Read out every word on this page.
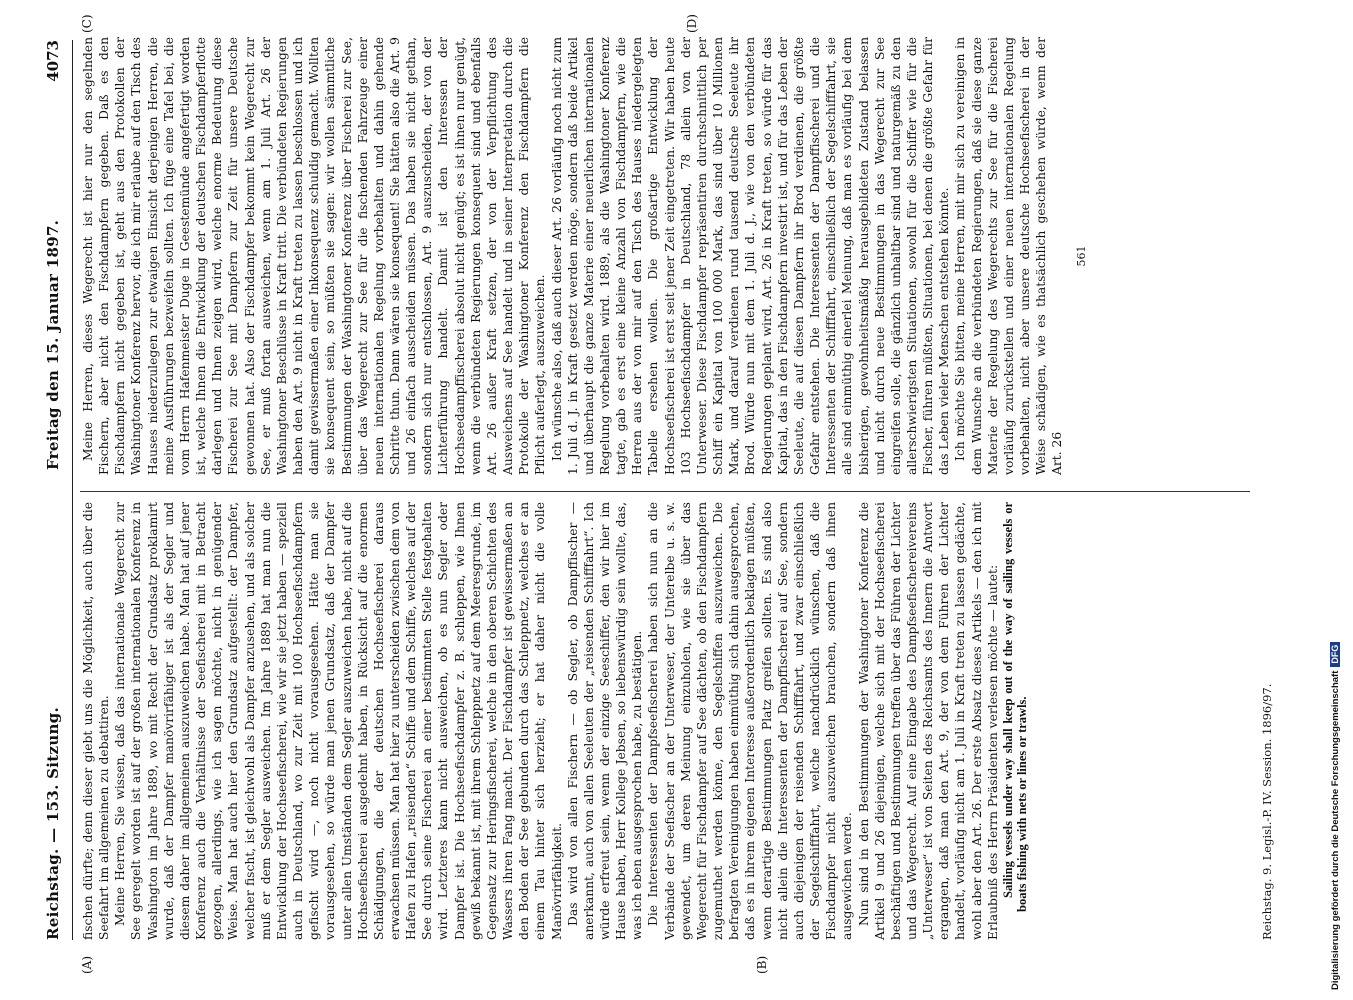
Reichstag. — 153. Sitzung.
Freitag den 15. Januar 1897.
4073
(A)	(B)
(C)	(D)

fischen dürfte; denn dieser giebt uns die Möglichkeit, auch über die Seefahrt im allgemeinen zu debattiren. Meine Herren, Sie wissen, daß das internationale Wegerecht zur See geregelt worden ist auf der großen internationalen Konferenz in Washington im Jahre 1889, wo mit Recht der Grundsatz proklamirt wurde, daß der Dampfer manövrirfähiger ist als der Segler und diesem daher im allgemeinen auszuweichen habe. Man hat auf jener Konferenz auch die Verhältnisse der Seefischerei mit in Betracht gezogen, allerdings, wie ich sagen möchte, nicht in genügender Weise. Man hat auch hier den Grundsatz aufgestellt: der Dampfer, welcher fischt, ist gleichwohl als Dampfer anzusehen, und als solcher muß er dem Segler ausweichen. Im Jahre 1889 hat man nun die Entwicklung der Hochseefischerei, wie wir sie jetzt haben — speziell auch in Deutschland, wo zur Zeit mit 100 Hochseefischdampfern gefischt wird —, noch nicht vorausgesehen. Hätte man sie vorausgesehen, so würde man jenen Grundsatz, daß der Dampfer unter allen Umständen dem Segler auszuweichen habe, nicht auf die Hochseefischerei ausgedehnt haben, in Rücksicht auf die enormen Schädigungen, die der deutschen Hochseefischerei daraus erwachsen müssen. Man hat hier zu unterscheiden zwischen dem von Hafen zu Hafen „reisenden“ Schiffe und dem Schiffe, welches auf der See durch seine Fischerei an einer bestimmten Stelle festgehalten wird. Letzteres kann nicht ausweichen, ob es nun Segler oder Dampfer ist. Die Hochseefischdampfer z. B. schleppen, wie Ihnen gewiß bekannt ist, mit ihrem Schleppnetz auf dem Meeresgrunde, im Gegensatz zur Heringsfischerei, welche in den oberen Schichten des Wassers ihren Fang macht. Der Fischdampfer ist gewissermaßen an den Boden der See gebunden durch das Schleppnetz, welches er an einem Tau hinter sich herzieht; er hat daher nicht die volle Manövrirfähigkeit. Das wird von allen Fischern — ob Segler, ob Dampffischer — anerkannt, auch von allen Seeleuten der „reisenden Schifffahrt“. Ich würde erfreut sein, wenn der einzige Seeschiffer, den wir hier im Hause haben, Herr Kollege Jebsen, so liebenswürdig sein wollte, das, was ich eben ausgesprochen habe, zu bestätigen. Die Interessenten der Dampfseefischerei haben sich nun an die Verbände der Seefischer an der Unterweser, der Unterelbe u. s. w. gewendet, um deren Meinung einzuholen, wie sie über das Wegerecht für Fischdampfer auf See dächten, ob den Fischdampfern zugemuthet werden könne, den Segelschiffen auszuweichen. Die befragten Vereinigungen haben einmüthig sich dahin ausgesprochen, daß es in ihrem eigenen Interesse außerordentlich beklagen müßten, wenn derartige Bestimmungen Platz greifen sollten. Es sind also nicht allein die Interessenten der Dampffischerei auf See, sondern auch diejenigen der reisenden Schifffahrt, und zwar einschließlich der Segelschifffahrt, welche nachdrücklich wünschen, daß die Fischdampfer nicht auszuweichen brauchen, sondern daß ihnen ausgewichen werde. Nun sind in den Bestimmungen der Washingtoner Konferenz die Artikel 9 und 26 diejenigen, welche sich mit der Hochseefischerei beschäftigen und Bestimmungen treffen über das Führen der Lichter und das Wegerecht. Auf eine Eingabe des Dampfseefischereivereins „Unterweser“ ist von Seiten des Reichsamts des Innern die Antwort ergangen, daß man den Art. 9, der von dem Führen der Lichter handelt, vorläufig nicht am 1. Juli in Kraft treten zu lassen gedächte, wohl aber den Art. 26. Der erste Absatz dieses Artikels — den ich mit Erlaubniß des Herrn Präsidenten verlesen möchte — lautet: Sailing vessels under way shall keep out of the way of sailing vessels or boats fishing with nets or lines or trawls.

Meine Herren, dieses Wegerecht ist hier nur den segelnden Fischern, aber nicht den Fischdampfern gegeben. Daß es den Fischdampfern nicht gegeben ist, geht aus den Protokollen der Washingtoner Konferenz hervor, die ich mir erlaube auf den Tisch des Hauses niederzulegen zur etwaigen Einsicht derjenigen Herren, die meine Ausführungen bezweifeln sollten. Ich füge eine Tafel bei, die vom Herrn Hafenmeister Duge in Geestemünde angefertigt worden ist, welche Ihnen die Entwicklung der deutschen Fischdampferflotte darlegen und Ihnen zeigen wird, welche enorme Bedeutung diese Fischerei zur See mit Dampfern zur Zeit für unsere Deutsche gewonnen hat. Also der Fischdampfer bekommt kein Wegerecht zur See, er muß fortan ausweichen, wenn am 1. Juli Art. 26 der Washingtoner Beschlüsse in Kraft tritt. Die verbündeten Regierungen haben den Art. 9 nicht in Kraft treten zu lassen beschlossen und ich damit gewissermaßen einer Inkonsequenz schuldig gemacht. Wollten sie konsequent sein, so müßten sie sagen: wir wollen sämmtliche Bestimmungen der Washingtoner Konferenz über Fischerei zur See, über das Wegerecht zur See für die fischenden Fahrzeuge einer neuen internationalen Regelung vorbehalten und dahin gehende Schritte thun. Dann wären sie konsequent! Sie hätten also die Art. 9 und 26 einfach ausscheiden müssen. Das haben sie nicht gethan, sondern sich nur entschlossen, Art. 9 auszuscheiden, der von der Lichterführung handelt. Damit ist den Interessen der Hochseedampffischerei absolut nicht genügt; es ist ihnen nur genügt, wenn die verbündeten Regierungen konsequent sind und ebenfalls Art. 26 außer Kraft setzen, der von der Verpflichtung des Ausweichens auf See handelt und in seiner Interpretation durch die Protokolle der Washingtoner Konferenz den Fischdampfern die Pflicht auferlegt, auszuweichen. Ich wünsche also, daß auch dieser Art. 26 vorläufig noch nicht zum 1. Juli d. J. in Kraft gesetzt werden möge, sondern daß beide Artikel und überhaupt die ganze Materie einer neuerlichen internationalen Regelung vorbehalten wird. 1889, als die Washingtoner Konferenz tagte, gab es erst eine kleine Anzahl von Fischdampfern, wie die Herren aus der von mir auf den Tisch des Hauses niedergelegten Tabelle ersehen wollen. Die großartige Entwicklung der Hochseefischerei ist erst seit jener Zeit eingetreten. Wir haben heute 103 Hochseefischdampfer in Deutschland, 78 allein von der Unterweser. Diese Fischdampfer repräsentiren durchschnittlich per Schiff ein Kapital von 100 000 Mark, das sind über 10 Millionen Mark, und darauf verdienen rund tausend deutsche Seeleute ihr Brod. Würde nun mit dem 1. Juli d. J., wie von den verbündeten Regierungen geplant wird, Art. 26 in Kraft treten, so würde für das Kapital, das in den Fischdampfern investirt ist, und für das Leben der Seeleute, die auf diesen Dampfern ihr Brod verdienen, die größte Gefahr entstehen. Die Interessenten der Dampffischerei und die Interessenten der Schifffahrt, einschließlich der Segelschifffahrt, sie alle sind einmüthig einerlei Meinung, daß man es vorläufig bei dem bisherigen, gewohnheitsmäßig herausgebildeten Zustand belassen und nicht durch neue Bestimmungen in das Wegerecht zur See eingreifen solle, die gänzlich unhaltbar sind und naturgemäß zu den allerschwierigsten Situationen, sowohl für die Schiffer wie für die Fischer, führen müßten, Situationen, bei denen die größte Gefahr für das Leben vieler Menschen entstehen könnte. Ich möchte Sie bitten, meine Herren, mit mir sich zu vereinigen in dem Wunsche an die verbündeten Regierungen, daß sie diese ganze Materie der Regelung des Wegerechts zur See für die Fischerei vorläufig zurückstellen und einer neuen internationalen Regelung vorbehalten, nicht aber unsere deutsche Hochseefischerei in der Weise schädigen, wie es thatsächlich geschehen würde, wenn der Art. 26

561
Reichstag. 9. Legisl.-P. IV. Session. 1896/97.	Digitalisierung gefördert durch die Deutsche ForschungsgemeinschaftDFG
